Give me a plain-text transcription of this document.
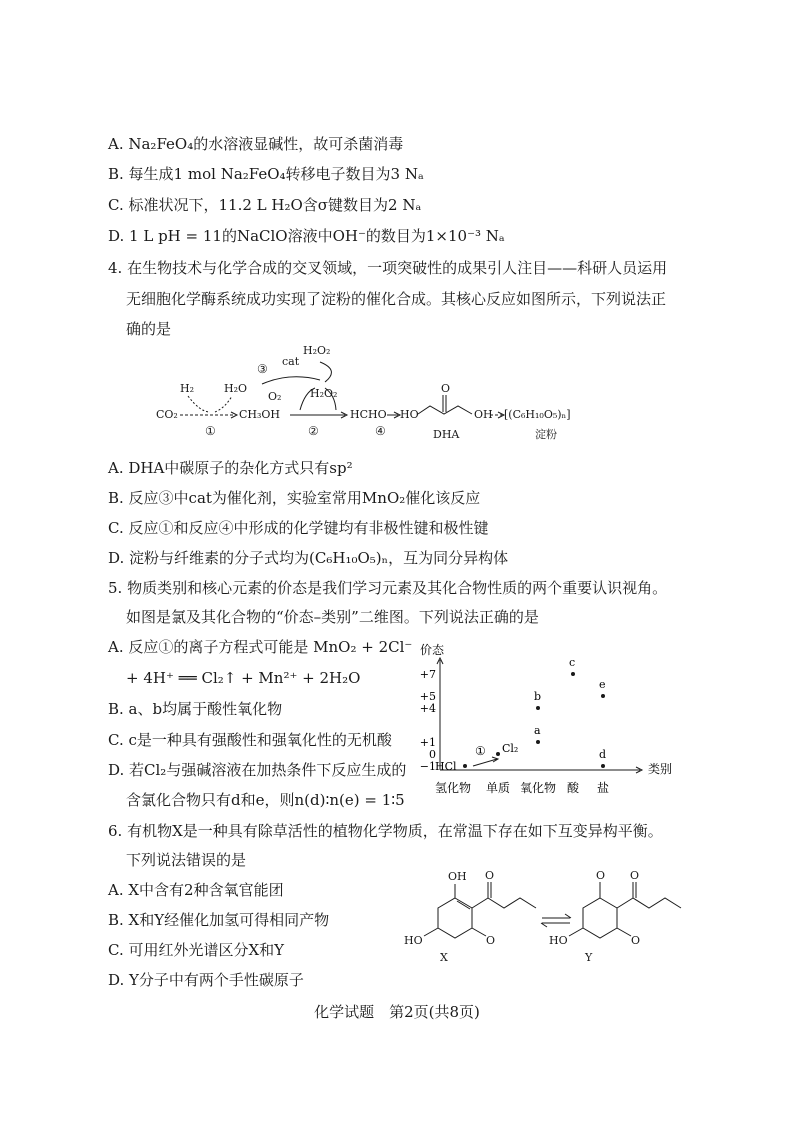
A. Na₂FeO₄的水溶液显碱性，故可杀菌消毒
B. 每生成1 mol Na₂FeO₄转移电子数目为3 Nₐ
C. 标准状况下，11.2 L H₂O含σ键数目为2 Nₐ
D. 1 L pH = 11的NaClO溶液中OH⁻的数目为1×10⁻³ Nₐ
4. 在生物技术与化学合成的交叉领域，一项突破性的成果引人注目——科研人员运用
无细胞化学酶系统成功实现了淀粉的催化合成。其核心反应如图所示，下列说法正
确的是
H₂O₂
cat
③
H₂	H₂O
O₂	H₂O₂
CO₂	CH₃OH	HCHO
①	②	④
HO	OH
O
DHA
[(C₆H₁₀O₅)ₙ]
淀粉
A. DHA中碳原子的杂化方式只有sp²
B. 反应③中cat为催化剂，实验室常用MnO₂催化该反应
C. 反应①和反应④中形成的化学键均有非极性键和极性键
D. 淀粉与纤维素的分子式均为(C₆H₁₀O₅)ₙ，互为同分异构体
5. 物质类别和核心元素的价态是我们学习元素及其化合物性质的两个重要认识视角。
如图是氯及其化合物的“价态–类别”二维图。下列说法正确的是
A. 反应①的离子方程式可能是 MnO₂ + 2Cl⁻
+ 4H⁺ ══ Cl₂↑ + Mn²⁺ + 2H₂O
B. a、b均属于酸性氧化物
C. c是一种具有强酸性和强氧化性的无机酸
D. 若Cl₂与强碱溶液在加热条件下反应生成的
含氯化合物只有d和e，则n(d)∶n(e) = 1∶5
价态
类别
+7
+5
+4
+1
0
−1
氢化物 单质 氧化物 酸 盐
HCl
Cl₂
a
b
c
e
d
①
6. 有机物X是一种具有除草活性的植物化学物质，在常温下存在如下互变异构平衡。
下列说法错误的是
A. X中含有2种含氧官能团
B. X和Y经催化加氢可得相同产物
C. 可用红外光谱区分X和Y
D. Y分子中有两个手性碳原子
OH O
O
HO
X
O O
O
HO
Y
化学试题　第2页(共8页)
